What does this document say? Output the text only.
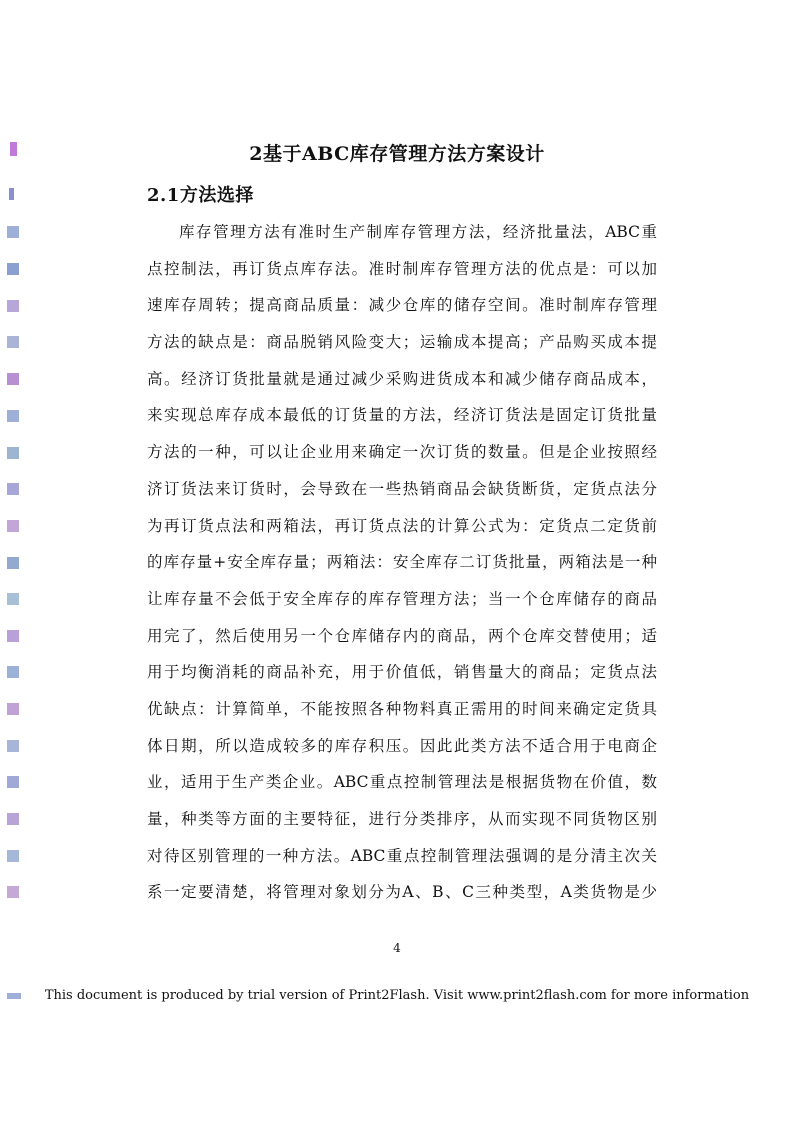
2基于ABC库存管理方法方案设计
2.1方法选择
库存管理方法有准时生产制库存管理方法，经济批量法，ABC重
点控制法，再订货点库存法。准时制库存管理方法的优点是：可以加
速库存周转；提高商品质量：减少仓库的储存空间。准时制库存管理
方法的缺点是：商品脱销风险变大；运输成本提高；产品购买成本提
高。经济订货批量就是通过减少采购进货成本和减少储存商品成本，
来实现总库存成本最低的订货量的方法，经济订货法是固定订货批量
方法的一种，可以让企业用来确定一次订货的数量。但是企业按照经
济订货法来订货时，会导致在一些热销商品会缺货断货，定货点法分
为再订货点法和两箱法，再订货点法的计算公式为：定货点二定货前
的库存量+安全库存量；两箱法：安全库存二订货批量，两箱法是一种
让库存量不会低于安全库存的库存管理方法；当一个仓库储存的商品
用完了，然后使用另一个仓库储存内的商品，两个仓库交替使用；适
用于均衡消耗的商品补充，用于价值低，销售量大的商品；定货点法
优缺点：计算简单，不能按照各种物料真正需用的时间来确定定货具
体日期，所以造成较多的库存积压。因此此类方法不适合用于电商企
业，适用于生产类企业。ABC重点控制管理法是根据货物在价值，数
量，种类等方面的主要特征，进行分类排序，从而实现不同货物区别
对待区别管理的一种方法。ABC重点控制管理法强调的是分清主次关
系一定要清楚，将管理对象划分为A、B、C三种类型，A类货物是少
4
This document is produced by trial version of Print2Flash. Visit www.print2flash.com for more information
